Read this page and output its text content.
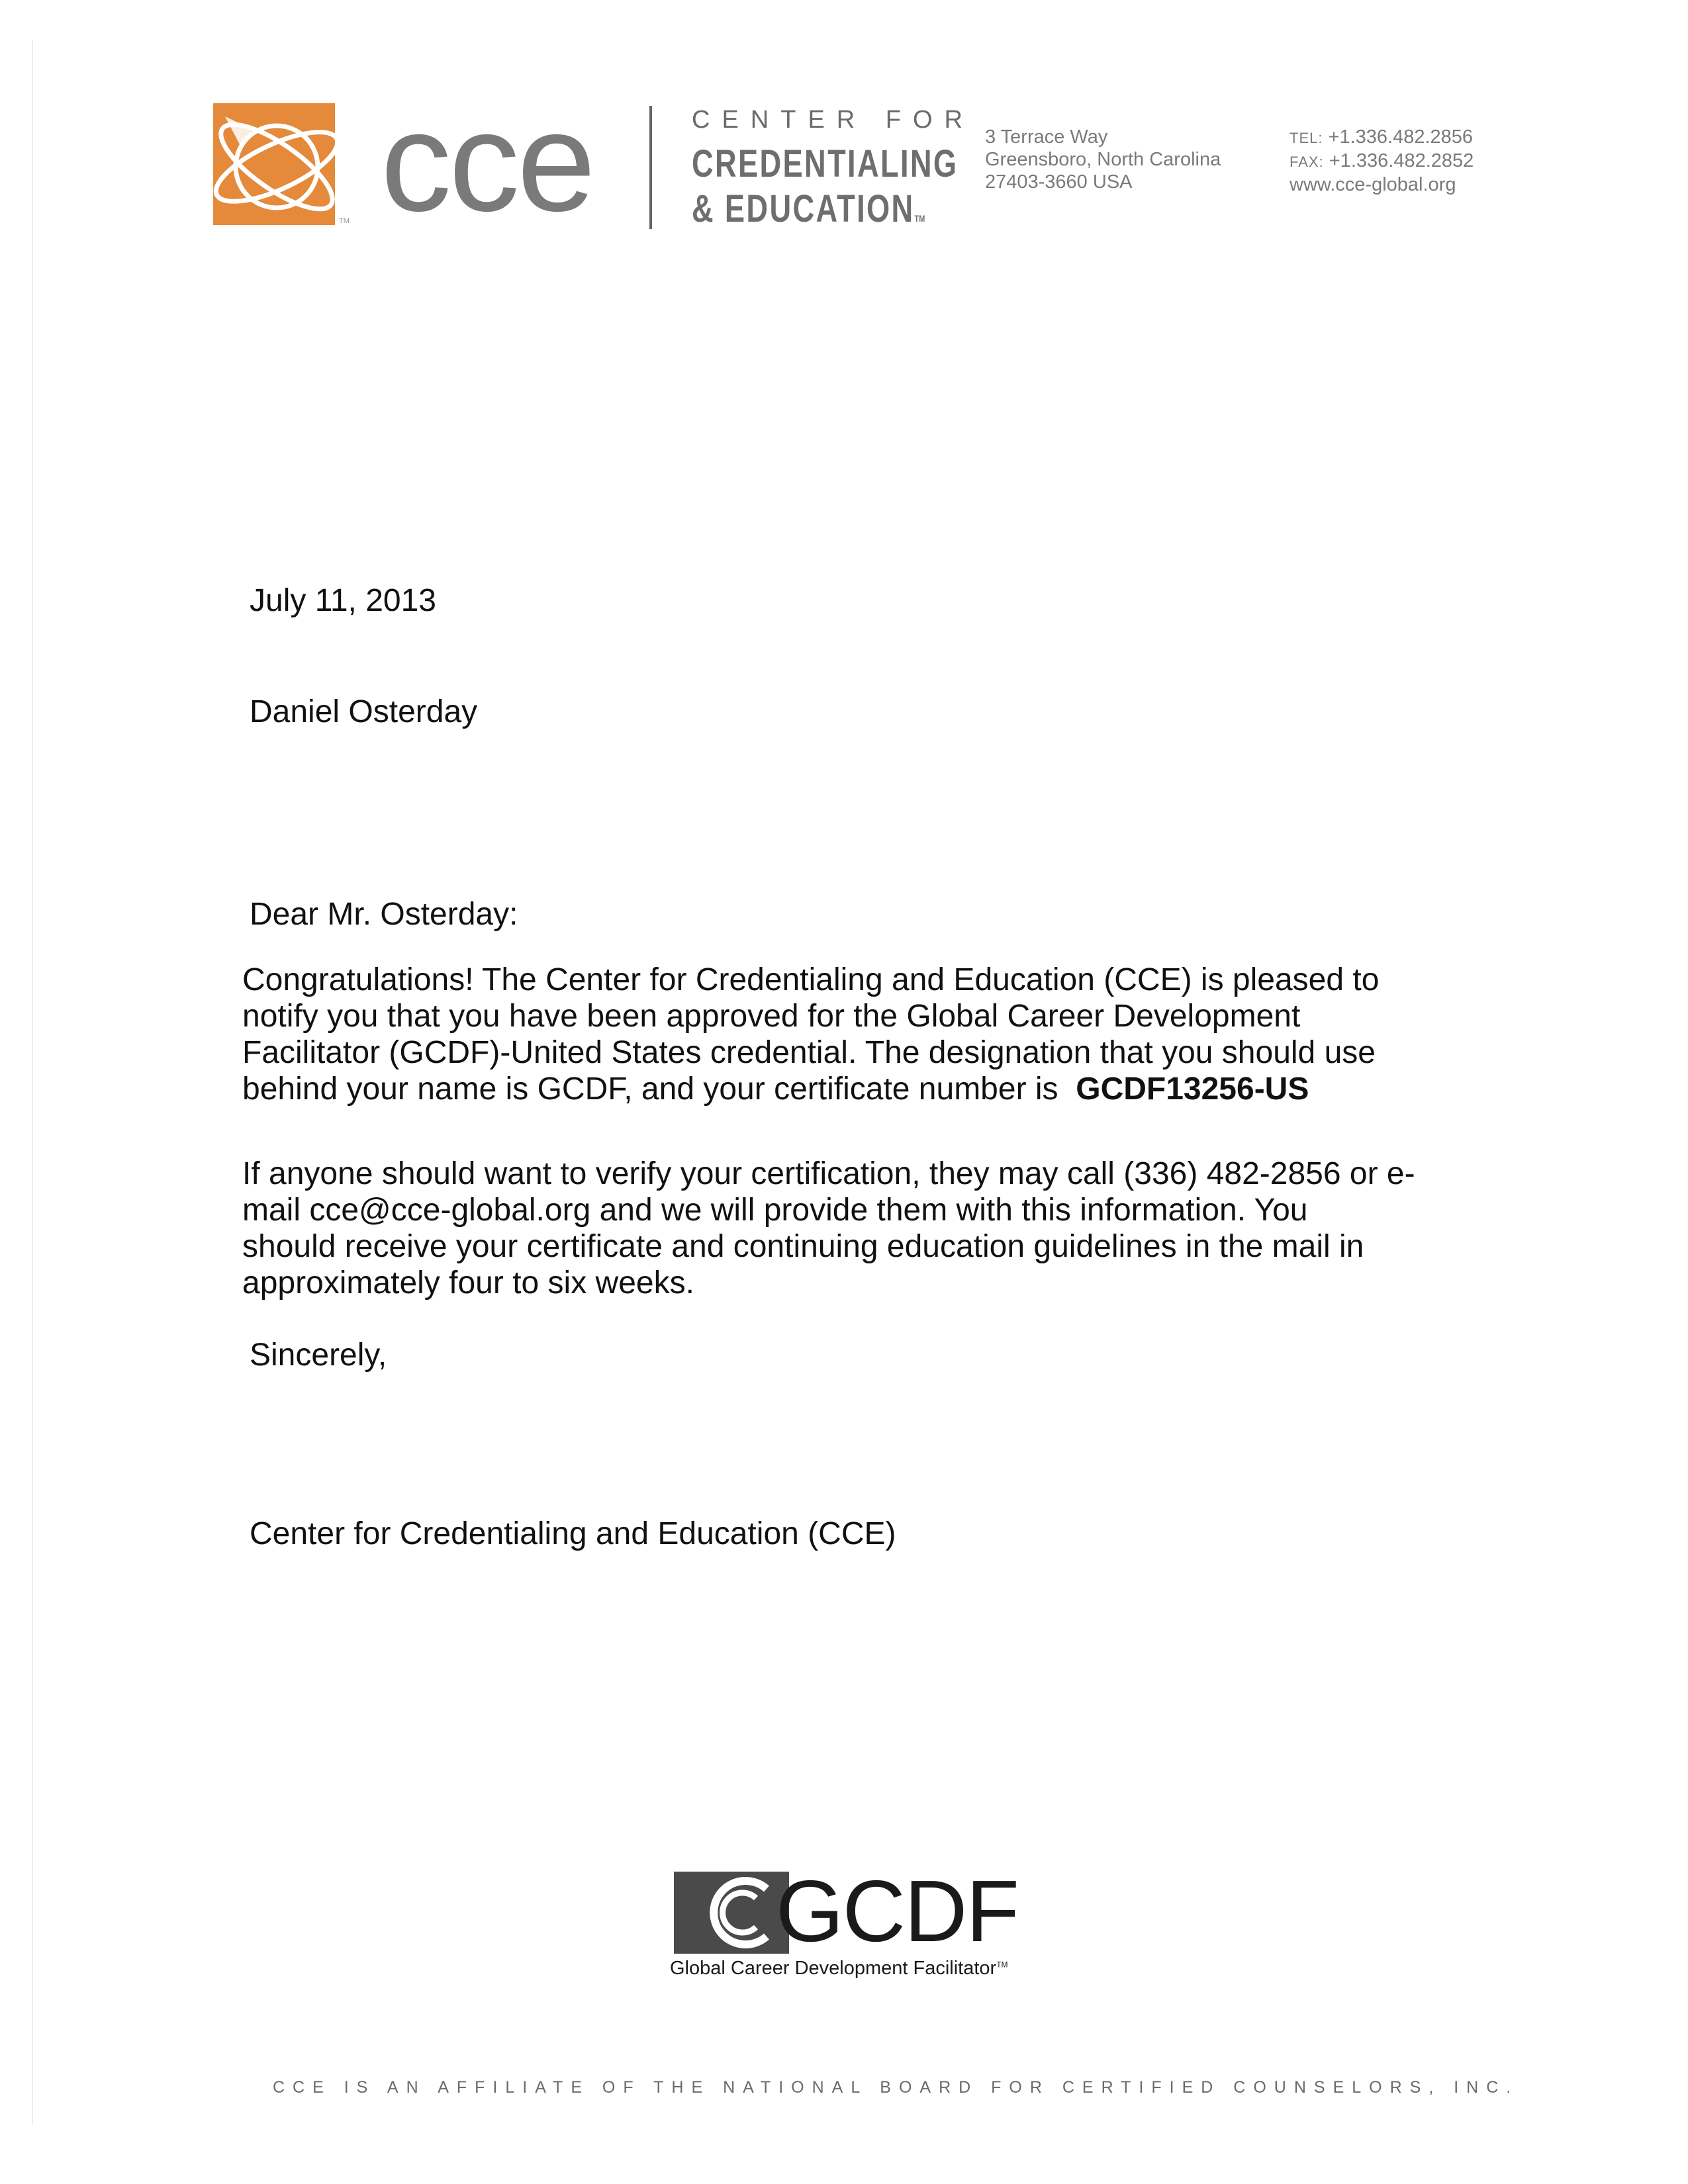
TM cce	CENTER FOR
CREDENTIALING
& EDUCATIONTM
3 Terrace Way
Greensboro, North Carolina
27403-3660 USA
TEL: +1.336.482.2856
FAX: +1.336.482.2852
www.cce-global.org
July 11, 2013
Daniel Osterday
Dear Mr. Osterday:
Congratulations! The Center for Credentialing and Education (CCE) is pleased to
notify you that you have been approved for the Global Career Development
Facilitator (GCDF)-United States credential. The designation that you should use
behind your name is GCDF, and your certificate number is GCDF13256-US
If anyone should want to verify your certification, they may call (336) 482-2856 or e-
mail cce@cce-global.org and we will provide them with this information. You
should receive your certificate and continuing education guidelines in the mail in
approximately four to six weeks.
Sincerely,
Center for Credentialing and Education (CCE)
GCDF
Global Career Development Facilitator™
CCE IS AN AFFILIATE OF THE NATIONAL BOARD FOR CERTIFIED COUNSELORS, INC.
